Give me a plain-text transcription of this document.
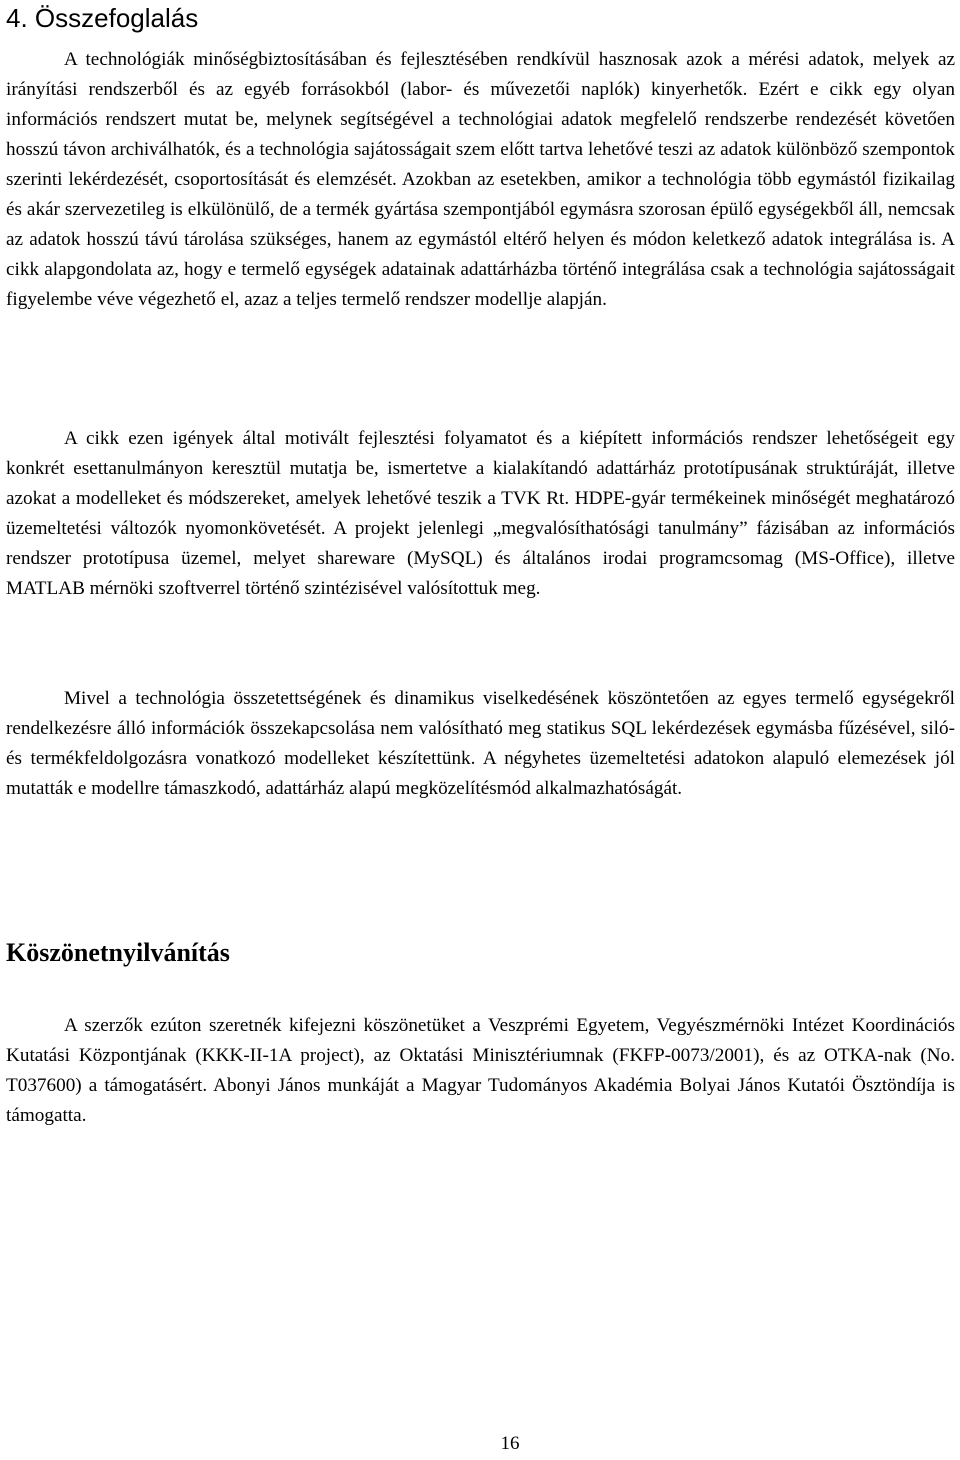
4. Összefoglalás

A technológiák minőségbiztosításában és fejlesztésében rendkívül hasznosak azok a mérési adatok, melyek az irányítási rendszerből és az egyéb forrásokból (labor- és művezetői naplók) kinyerhetők. Ezért e cikk egy olyan információs rendszert mutat be, melynek segítségével a technológiai adatok megfelelő rendszerbe rendezését követően hosszú távon archiválhatók, és a technológia sajátosságait szem előtt tartva lehetővé teszi az adatok különböző szempontok szerinti lekérdezését, csoportosítását és elemzését. Azokban az esetekben, amikor a technológia több egymástól fizikailag és akár szervezetileg is elkülönülő, de a termék gyártása szempontjából egymásra szorosan épülő egységekből áll, nemcsak az adatok hosszú távú tárolása szükséges, hanem az egymástól eltérő helyen és módon keletkező adatok integrálása is. A cikk alapgondolata az, hogy e termelő egységek adatainak adattárházba történő integrálása csak a technológia sajátosságait figyelembe véve végezhető el, azaz a teljes termelő rendszer modellje alapján.

A cikk ezen igények által motivált fejlesztési folyamatot és a kiépített információs rendszer lehetőségeit egy konkrét esettanulmányon keresztül mutatja be, ismertetve a kialakítandó adattárház prototípusának struktúráját, illetve azokat a modelleket és módszereket, amelyek lehetővé teszik a TVK Rt. HDPE-gyár termékeinek minőségét meghatározó üzemeltetési változók nyomonkövetését. A projekt jelenlegi „megvalósíthatósági tanulmány” fázisában az információs rendszer prototípusa üzemel, melyet shareware (MySQL) és általános irodai programcsomag (MS-Office), illetve MATLAB mérnöki szoftverrel történő szintézisével valósítottuk meg.

Mivel a technológia összetettségének és dinamikus viselkedésének köszöntetően az egyes termelő egységekről rendelkezésre álló információk összekapcsolása nem valósítható meg statikus SQL lekérdezések egymásba fűzésével, siló- és termékfeldolgozásra vonatkozó modelleket készítettünk. A négyhetes üzemeltetési adatokon alapuló elemezések jól mutatták e modellre támaszkodó, adattárház alapú megközelítésmód alkalmazhatóságát.

Köszönetnyilvánítás

A szerzők ezúton szeretnék kifejezni köszönetüket a Veszprémi Egyetem, Vegyészmérnöki Intézet Koordinációs Kutatási Központjának (KKK-II-1A project), az Oktatási Minisztériumnak (FKFP-0073/2001), és az OTKA-nak (No. T037600) a támogatásért. Abonyi János munkáját a Magyar Tudományos Akadémia Bolyai János Kutatói Ösztöndíja is támogatta.

16
